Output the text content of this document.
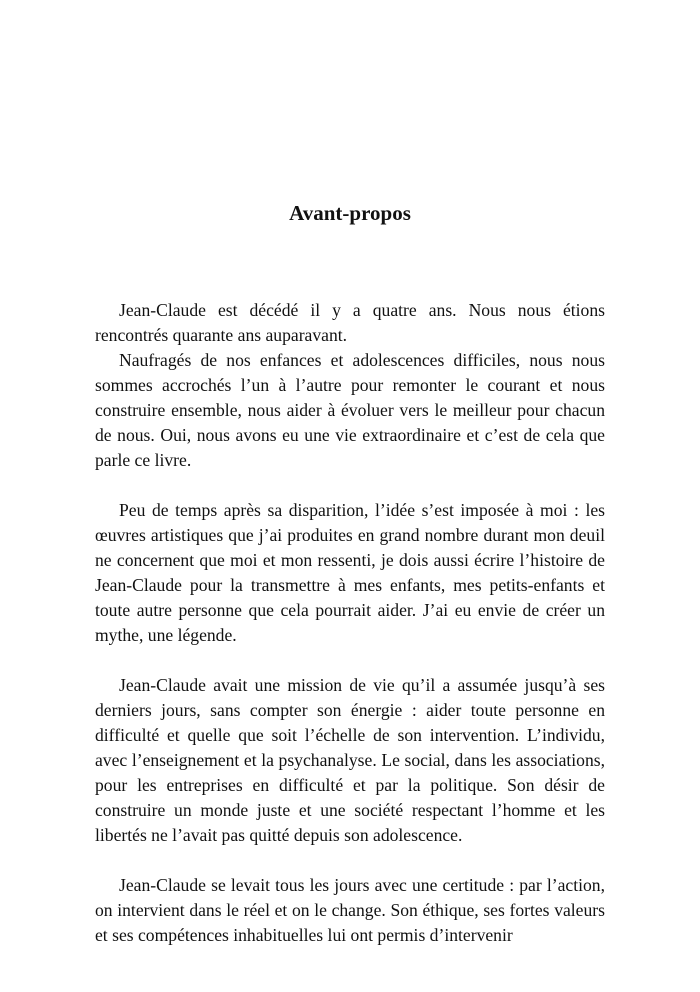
Avant-propos

Jean-Claude est décédé il y a quatre ans. Nous nous étions rencontrés quarante ans auparavant.

Naufragés de nos enfances et adolescences difficiles, nous nous sommes accrochés l’un à l’autre pour remonter le courant et nous construire ensemble, nous aider à évoluer vers le meilleur pour chacun de nous. Oui, nous avons eu une vie extraordinaire et c’est de cela que parle ce livre.

Peu de temps après sa disparition, l’idée s’est imposée à moi : les œuvres artistiques que j’ai produites en grand nombre durant mon deuil ne concernent que moi et mon ressenti, je dois aussi écrire l’histoire de Jean-Claude pour la transmettre à mes enfants, mes petits-enfants et toute autre personne que cela pourrait aider. J’ai eu envie de créer un mythe, une légende.

Jean-Claude avait une mission de vie qu’il a assumée jusqu’à ses derniers jours, sans compter son énergie : aider toute personne en difficulté et quelle que soit l’échelle de son intervention. L’individu, avec l’enseignement et la psychanalyse. Le social, dans les associations, pour les entreprises en difficulté et par la politique. Son désir de construire un monde juste et une société respectant l’homme et les libertés ne l’avait pas quitté depuis son adolescence.

Jean-Claude se levait tous les jours avec une certitude : par l’action, on intervient dans le réel et on le change. Son éthique, ses fortes valeurs et ses compétences inhabituelles lui ont permis d’intervenir
